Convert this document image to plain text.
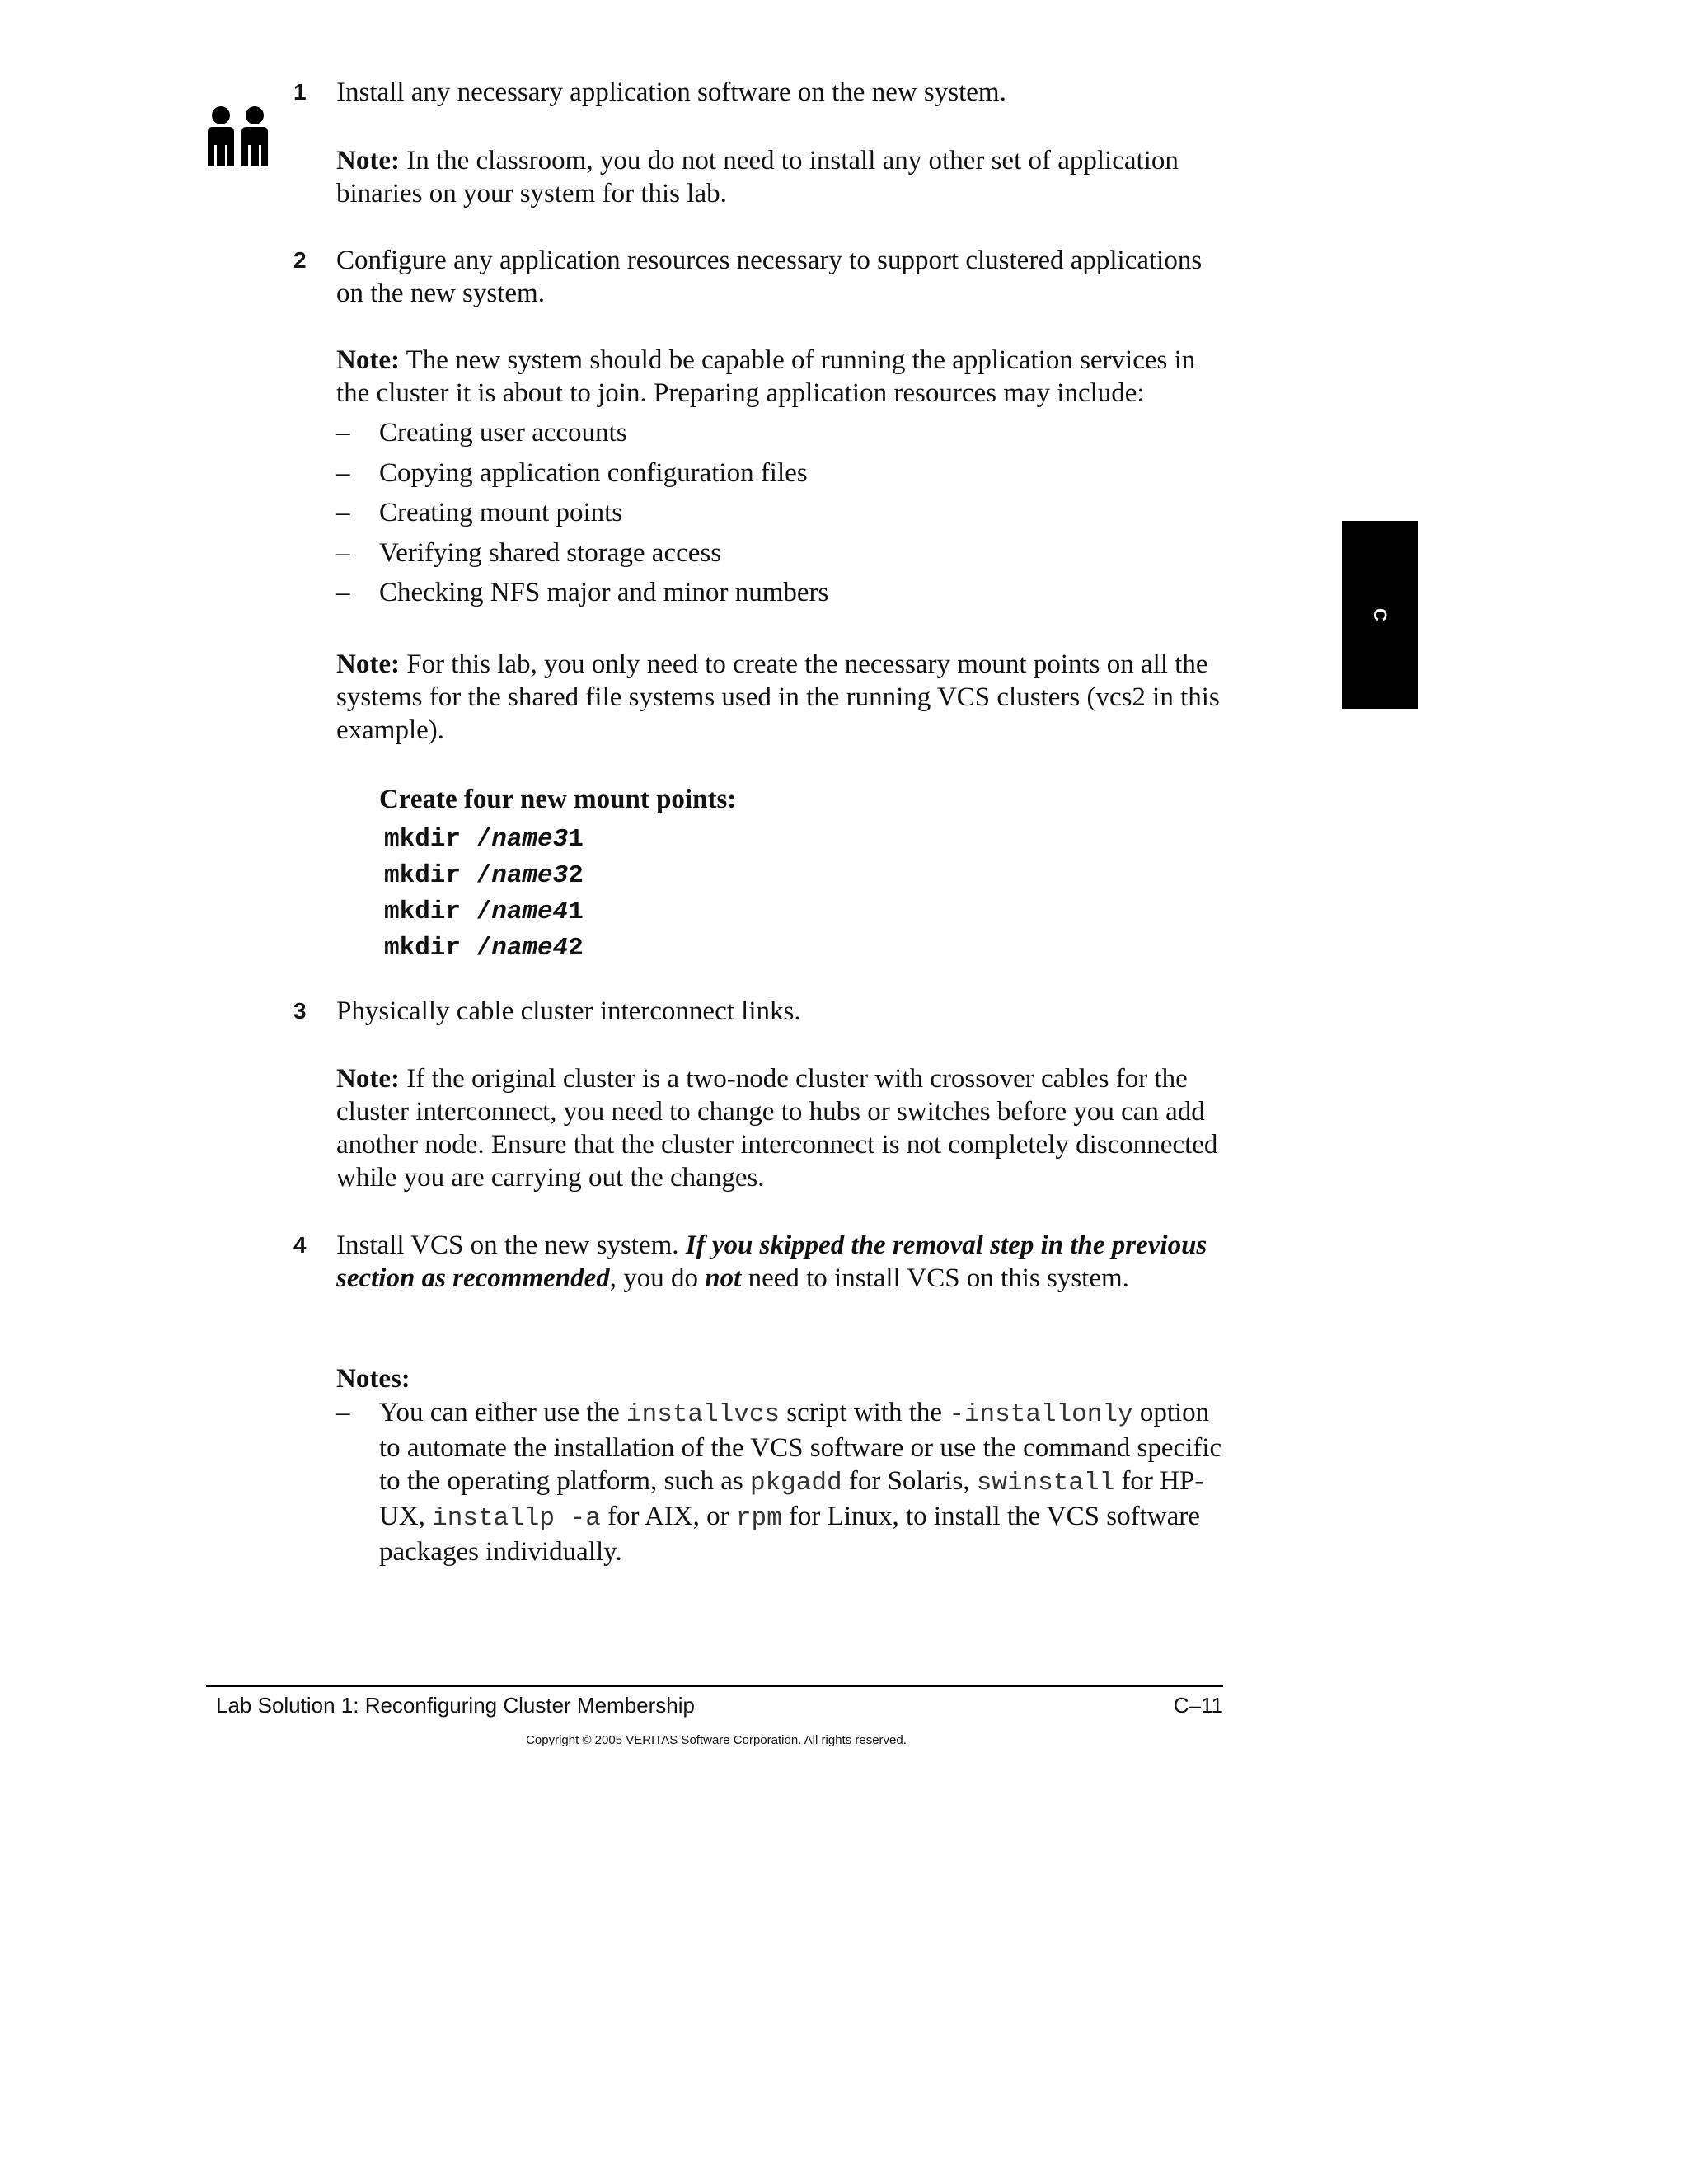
C
1	Install any necessary application software on the new system.

Note: In the classroom, you do not need to install any other set of application binaries on your system for this lab.

2	Configure any application resources necessary to support clustered applications on the new system.

Note: The new system should be capable of running the application services in the cluster it is about to join. Preparing application resources may include:

– Creating user accounts
– Copying application configuration files
– Creating mount points
– Verifying shared storage access
– Checking NFS major and minor numbers

Note: For this lab, you only need to create the necessary mount points on all the systems for the shared file systems used in the running VCS clusters (vcs2 in this example).

Create four new mount points:
mkdir /name31
mkdir /name32
mkdir /name41
mkdir /name42
3	Physically cable cluster interconnect links.

Note: If the original cluster is a two-node cluster with crossover cables for the cluster interconnect, you need to change to hubs or switches before you can add another node. Ensure that the cluster interconnect is not completely disconnected while you are carrying out the changes.

4	Install VCS on the new system. If you skipped the removal step in the previous section as recommended, you do not need to install VCS on this system.

Notes:
– You can either use the installvcs script with the -installonly option to automate the installation of the VCS software or use the command specific to the operating platform, such as pkgadd for Solaris, swinstall for HP-UX, installp -a for AIX, or rpm for Linux, to install the VCS software packages individually.
Lab Solution 1: Reconfiguring Cluster Membership	C–11
Copyright © 2005 VERITAS Software Corporation. All rights reserved.
